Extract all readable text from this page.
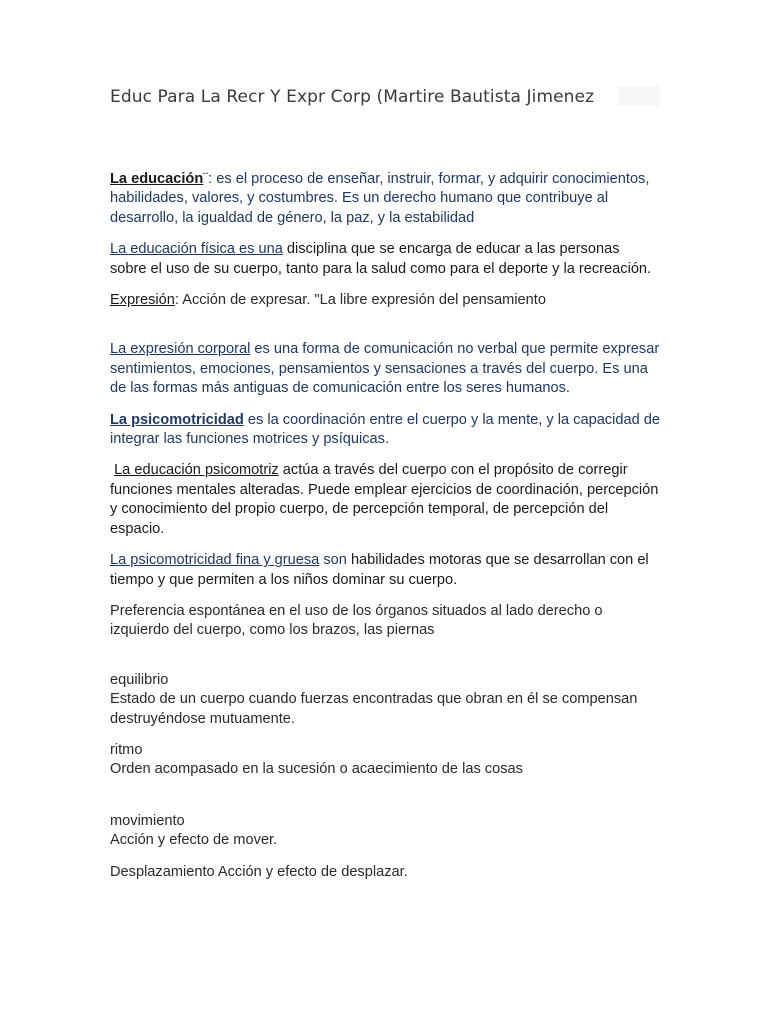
Educ Para La Recr Y Expr Corp (Martire Bautista Jimenez

La educación¨: es el proceso de enseñar, instruir, formar, y adquirir conocimientos, habilidades, valores, y costumbres. Es un derecho humano que contribuye al desarrollo, la igualdad de género, la paz, y la estabilidad

La educación física es una disciplina que se encarga de educar a las personas sobre el uso de su cuerpo, tanto para la salud como para el deporte y la recreación.

Expresión: Acción de expresar. "La libre expresión del pensamiento

La expresión corporal es una forma de comunicación no verbal que permite expresar sentimientos, emociones, pensamientos y sensaciones a través del cuerpo. Es una de las formas más antiguas de comunicación entre los seres humanos.

La psicomotricidad es la coordinación entre el cuerpo y la mente, y la capacidad de integrar las funciones motrices y psíquicas.

La educación psicomotriz actúa a través del cuerpo con el propósito de corregir funciones mentales alteradas. Puede emplear ejercicios de coordinación, percepción y conocimiento del propio cuerpo, de percepción temporal, de percepción del espacio.

La psicomotricidad fina y gruesa son habilidades motoras que se desarrollan con el tiempo y que permiten a los niños dominar su cuerpo.

Preferencia espontánea en el uso de los órganos situados al lado derecho o izquierdo del cuerpo, como los brazos, las piernas

equilibrio
Estado de un cuerpo cuando fuerzas encontradas que obran en él se compensan destruyéndose mutuamente.

ritmo
Orden acompasado en la sucesión o acaecimiento de las cosas

movimiento
Acción y efecto de mover.

Desplazamiento Acción y efecto de desplazar.
